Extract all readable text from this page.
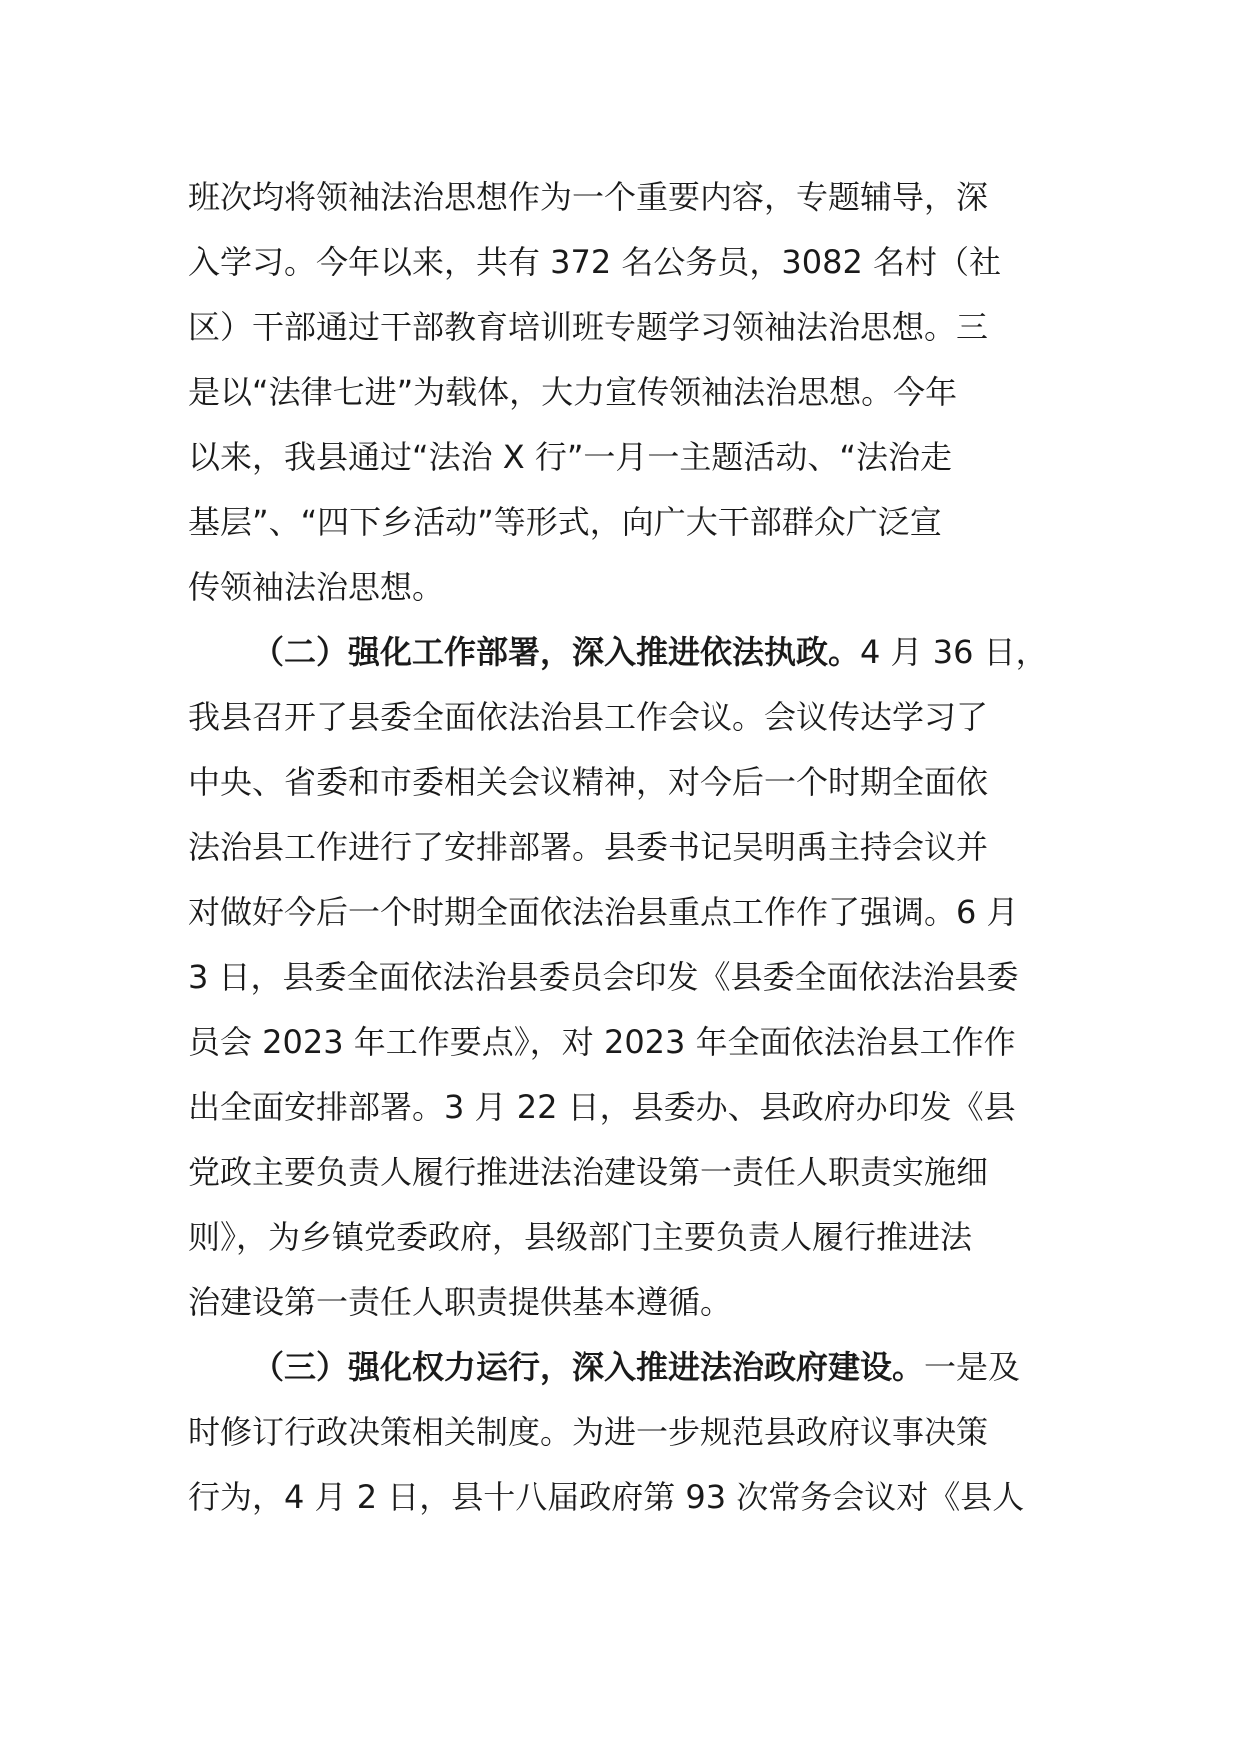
班次均将领袖法治思想作为一个重要内容，专题辅导，深
入学习。今年以来，共有 372 名公务员，3082 名村（社
区）干部通过干部教育培训班专题学习领袖法治思想。三
是以“法律七进”为载体，大力宣传领袖法治思想。今年
以来，我县通过“法治 X 行”一月一主题活动、“法治走
基层”、“四下乡活动”等形式，向广大干部群众广泛宣
传领袖法治思想。
（二）强化工作部署，深入推进依法执政。4 月 36 日，
我县召开了县委全面依法治县工作会议。会议传达学习了
中央、省委和市委相关会议精神，对今后一个时期全面依
法治县工作进行了安排部署。县委书记吴明禹主持会议并
对做好今后一个时期全面依法治县重点工作作了强调。6 月
3 日，县委全面依法治县委员会印发《县委全面依法治县委
员会 2023 年工作要点》，对 2023 年全面依法治县工作作
出全面安排部署。3 月 22 日，县委办、县政府办印发《县
党政主要负责人履行推进法治建设第一责任人职责实施细
则》，为乡镇党委政府，县级部门主要负责人履行推进法
治建设第一责任人职责提供基本遵循。
（三）强化权力运行，深入推进法治政府建设。一是及
时修订行政决策相关制度。为进一步规范县政府议事决策
行为，4 月 2 日，县十八届政府第 93 次常务会议对《县人
